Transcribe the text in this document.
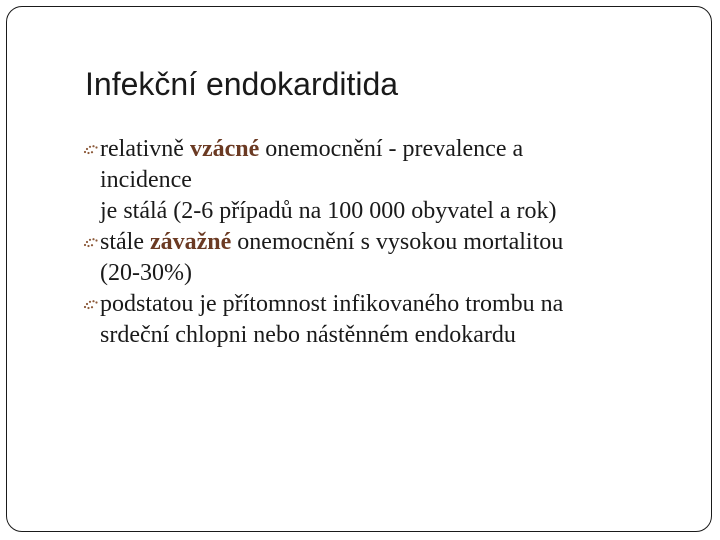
Infekční endokarditida
relativně vzácné onemocnění - prevalence a
incidence
je stálá (2-6 případů na 100 000 obyvatel a rok)
stále závažné onemocnění s vysokou mortalitou
(20-30%)
podstatou je přítomnost infikovaného trombu na
srdeční chlopni nebo nástěnném endokardu
